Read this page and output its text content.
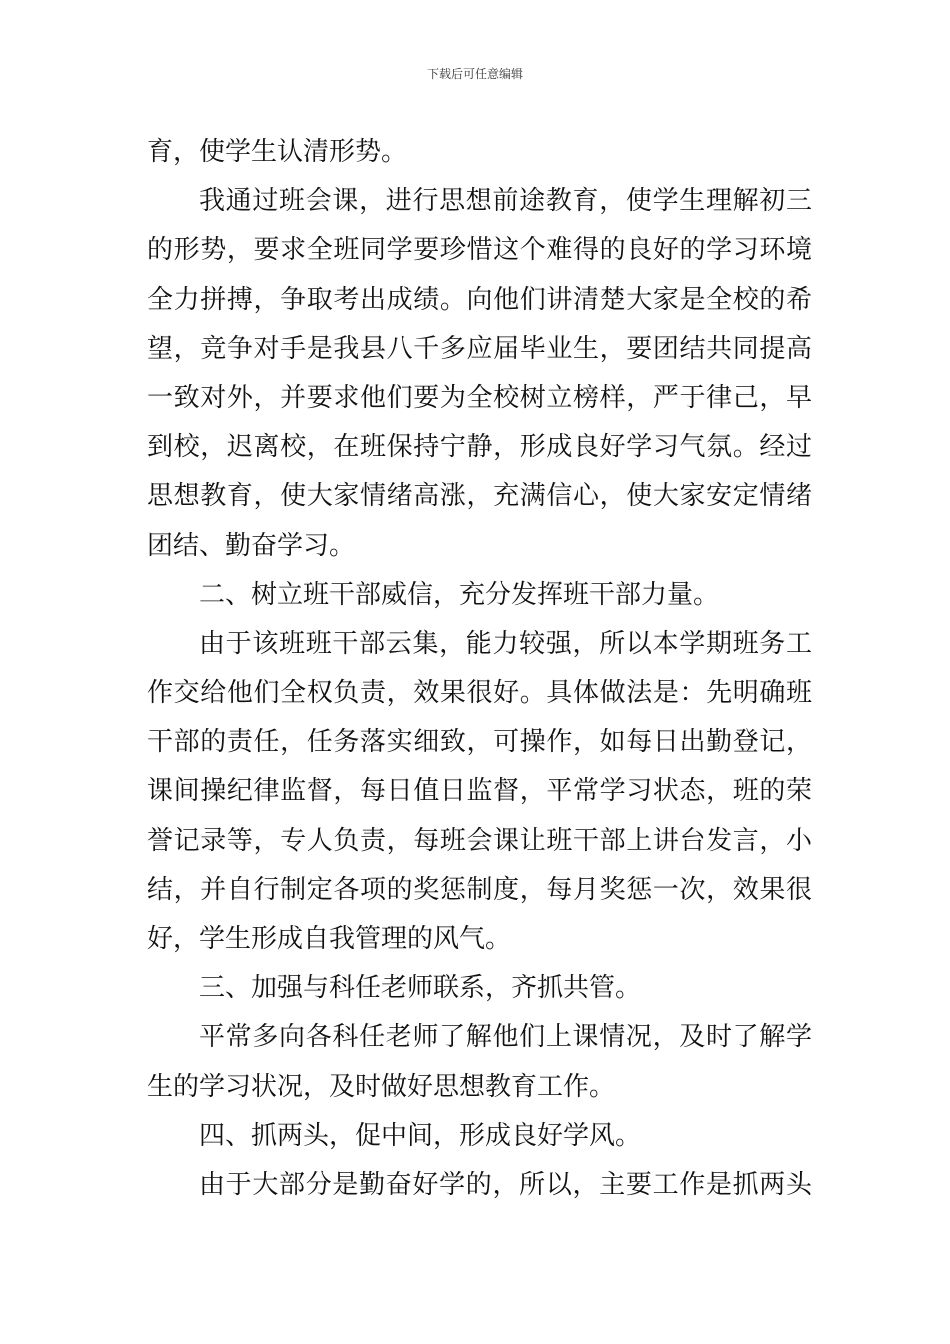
下载后可任意编辑
育，使学生认清形势。
我通过班会课，进行思想前途教育，使学生理解初三
的形势，要求全班同学要珍惜这个难得的良好的学习环境
全力拼搏，争取考出成绩。向他们讲清楚大家是全校的希
望，竞争对手是我县八千多应届毕业生，要团结共同提高
一致对外，并要求他们要为全校树立榜样，严于律己，早
到校，迟离校，在班保持宁静，形成良好学习气氛。经过
思想教育，使大家情绪高涨，充满信心，使大家安定情绪
团结、勤奋学习。
二、树立班干部威信，充分发挥班干部力量。
由于该班班干部云集，能力较强，所以本学期班务工
作交给他们全权负责，效果很好。具体做法是：先明确班
干部的责任，任务落实细致，可操作，如每日出勤登记，
课间操纪律监督，每日值日监督，平常学习状态，班的荣
誉记录等，专人负责，每班会课让班干部上讲台发言，小
结，并自行制定各项的奖惩制度，每月奖惩一次，效果很
好，学生形成自我管理的风气。
三、加强与科任老师联系，齐抓共管。
平常多向各科任老师了解他们上课情况，及时了解学
生的学习状况，及时做好思想教育工作。
四、抓两头，促中间，形成良好学风。
由于大部分是勤奋好学的，所以，主要工作是抓两头
